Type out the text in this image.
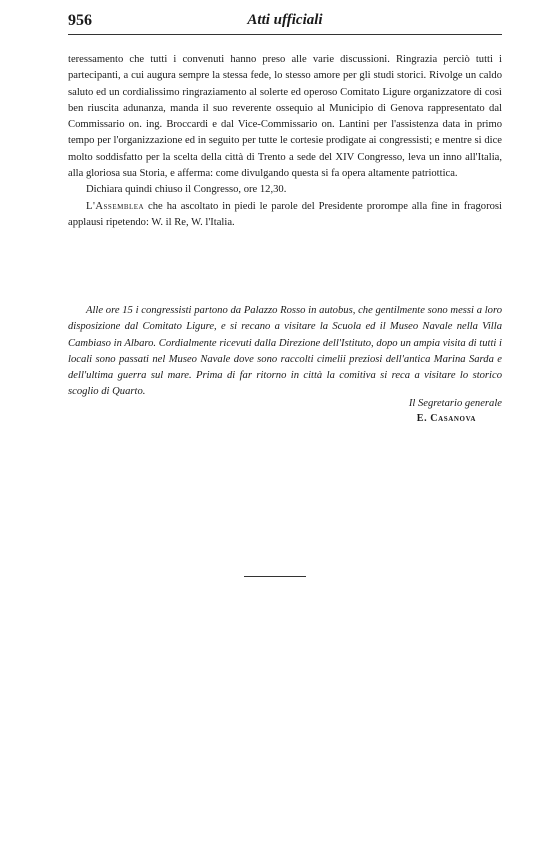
956	Atti ufficiali

teressamento che tutti i convenuti hanno preso alle varie discussioni. Ringrazia perciò tutti i partecipanti, a cui augura sempre la stessa fede, lo stesso amore per gli studi storici. Rivolge un caldo saluto ed un cordialissimo ringraziamento al solerte ed operoso Comitato Ligure organizzatore di così ben riuscita adunanza, manda il suo reverente ossequio al Municipio di Genova rappresentato dal Commissario on. ing. Broccardi e dal Vice-Commissario on. Lantini per l'assistenza data in primo tempo per l'organizzazione ed in seguito per tutte le cortesie prodigate ai congressisti; e mentre si dice molto soddisfatto per la scelta della città di Trento a sede del XIV Congresso, leva un inno all'Italia, alla gloriosa sua Storia, e afferma: come divulgando questa si fa opera altamente patriottica.

Dichiara quindi chiuso il Congresso, ore 12,30.

L'Assemblea che ha ascoltato in piedi le parole del Presidente prorompe alla fine in fragorosi applausi ripetendo: W. il Re, W. l'Italia.

Alle ore 15 i congressisti partono da Palazzo Rosso in autobus, che gentilmente sono messi a loro disposizione dal Comitato Ligure, e si recano a visitare la Scuola ed il Museo Navale nella Villa Cambiaso in Albaro. Cordialmente ricevuti dalla Direzione dell'Istituto, dopo un ampia visita di tutti i locali sono passati nel Museo Navale dove sono raccolti cimelii preziosi dell'antica Marina Sarda e dell'ultima guerra sul mare. Prima di far ritorno in città la comitiva si reca a visitare lo storico scoglio di Quarto.

Il Segretario generale
E. Casanova
